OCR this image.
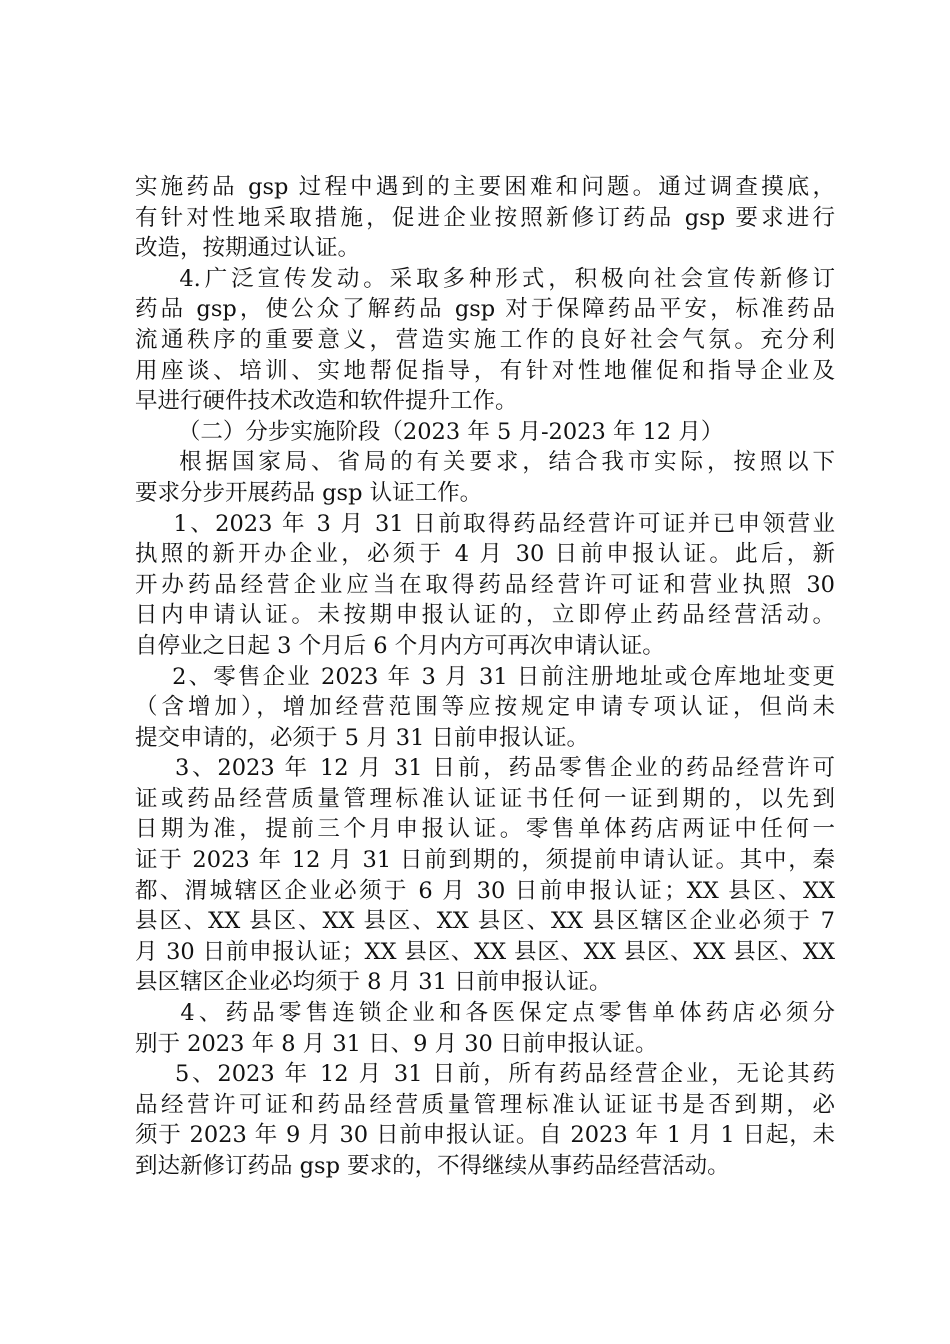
实施药品 gsp 过程中遇到的主要困难和问题。通过调查摸底，
有针对性地采取措施，促进企业按照新修订药品 gsp 要求进行
改造，按期通过认证。
4.广泛宣传发动。采取多种形式，积极向社会宣传新修订
药品 gsp，使公众了解药品 gsp 对于保障药品平安，标准药品
流通秩序的重要意义，营造实施工作的良好社会气氛。充分利
用座谈、培训、实地帮促指导，有针对性地催促和指导企业及
早进行硬件技术改造和软件提升工作。
（二）分步实施阶段（2023 年 5 月-2023 年 12 月）
根据国家局、省局的有关要求，结合我市实际，按照以下
要求分步开展药品 gsp 认证工作。
1、2023 年 3 月 31 日前取得药品经营许可证并已申领营业
执照的新开办企业，必须于 4 月 30 日前申报认证。此后，新
开办药品经营企业应当在取得药品经营许可证和营业执照 30
日内申请认证。未按期申报认证的，立即停止药品经营活动。
自停业之日起 3 个月后 6 个月内方可再次申请认证。
2、零售企业 2023 年 3 月 31 日前注册地址或仓库地址变更
（含增加），增加经营范围等应按规定申请专项认证，但尚未
提交申请的，必须于 5 月 31 日前申报认证。
3、2023 年 12 月 31 日前，药品零售企业的药品经营许可
证或药品经营质量管理标准认证证书任何一证到期的，以先到
日期为准，提前三个月申报认证。零售单体药店两证中任何一
证于 2023 年 12 月 31 日前到期的，须提前申请认证。其中，秦
都、渭城辖区企业必须于 6 月 30 日前申报认证；XX 县区、XX
县区、XX 县区、XX 县区、XX 县区、XX 县区辖区企业必须于 7
月 30 日前申报认证；XX 县区、XX 县区、XX 县区、XX 县区、XX
县区辖区企业必均须于 8 月 31 日前申报认证。
4、药品零售连锁企业和各医保定点零售单体药店必须分
别于 2023 年 8 月 31 日、9 月 30 日前申报认证。
5、2023 年 12 月 31 日前，所有药品经营企业，无论其药
品经营许可证和药品经营质量管理标准认证证书是否到期，必
须于 2023 年 9 月 30 日前申报认证。自 2023 年 1 月 1 日起，未
到达新修订药品 gsp 要求的，不得继续从事药品经营活动。
